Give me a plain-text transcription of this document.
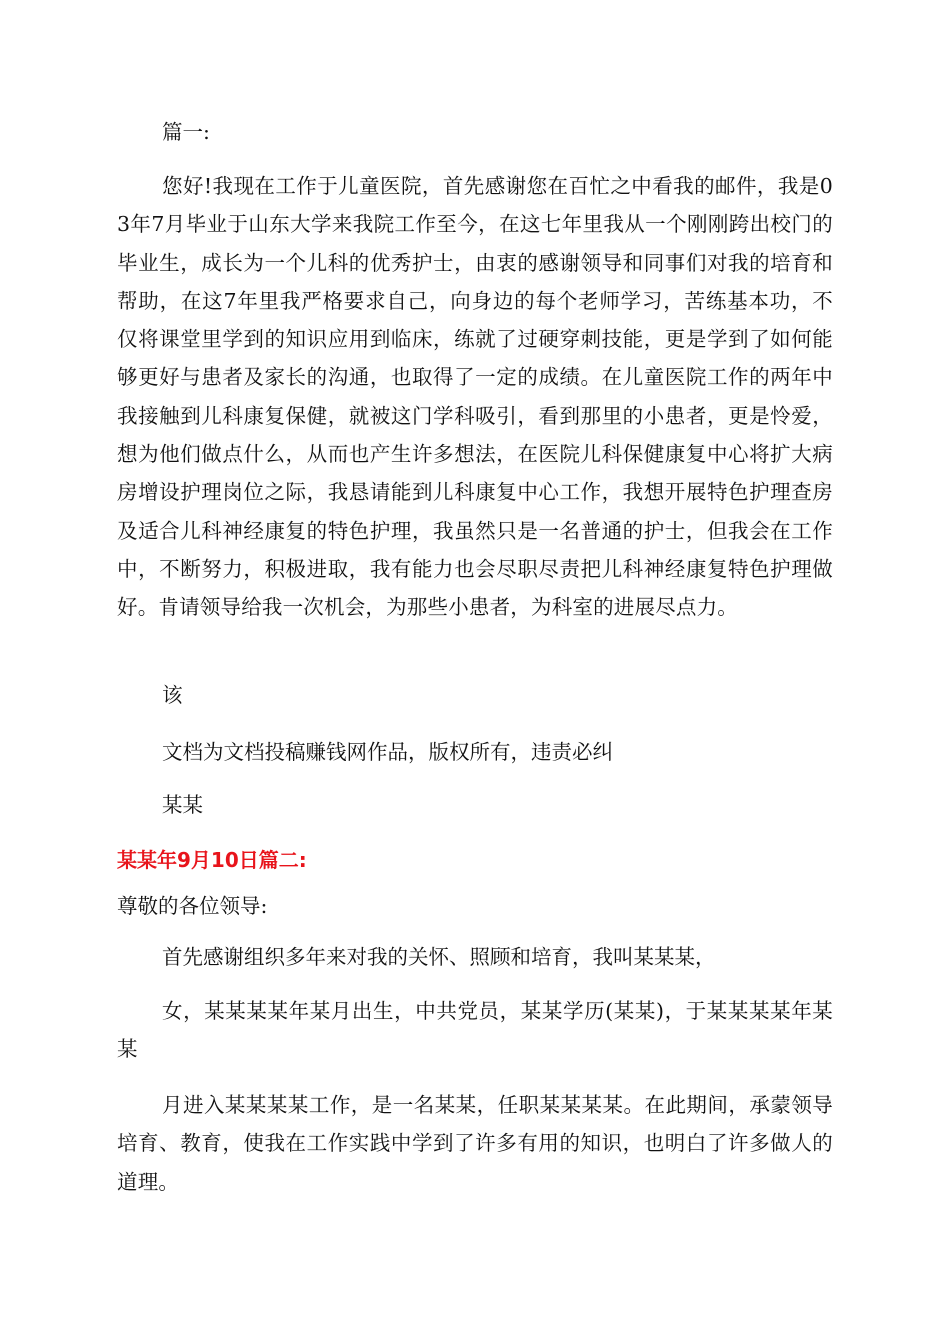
篇一:

您好!我现在工作于儿童医院，首先感谢您在百忙之中看我的邮件，我是03年7月毕业于山东大学来我院工作至今，在这七年里我从一个刚刚跨出校门的毕业生，成长为一个儿科的优秀护士，由衷的感谢领导和同事们对我的培育和帮助，在这7年里我严格要求自己，向身边的每个老师学习，苦练基本功，不仅将课堂里学到的知识应用到临床，练就了过硬穿刺技能，更是学到了如何能够更好与患者及家长的沟通，也取得了一定的成绩。在儿童医院工作的两年中我接触到儿科康复保健，就被这门学科吸引，看到那里的小患者，更是怜爱，想为他们做点什么，从而也产生许多想法，在医院儿科保健康复中心将扩大病房增设护理岗位之际，我恳请能到儿科康复中心工作，我想开展特色护理查房及适合儿科神经康复的特色护理，我虽然只是一名普通的护士，但我会在工作中，不断努力，积极进取，我有能力也会尽职尽责把儿科神经康复特色护理做好。肯请领导给我一次机会，为那些小患者，为科室的进展尽点力。

该

文档为文档投稿赚钱网作品，版权所有，违责必纠

某某

某某年9月10日篇二:

尊敬的各位领导:

首先感谢组织多年来对我的关怀、照顾和培育，我叫某某某，

女，某某某某年某月出生，中共党员，某某学历(某某)，于某某某某年某某

月进入某某某某工作，是一名某某，任职某某某某。在此期间，承蒙领导培育、教育，使我在工作实践中学到了许多有用的知识，也明白了许多做人的道理。
